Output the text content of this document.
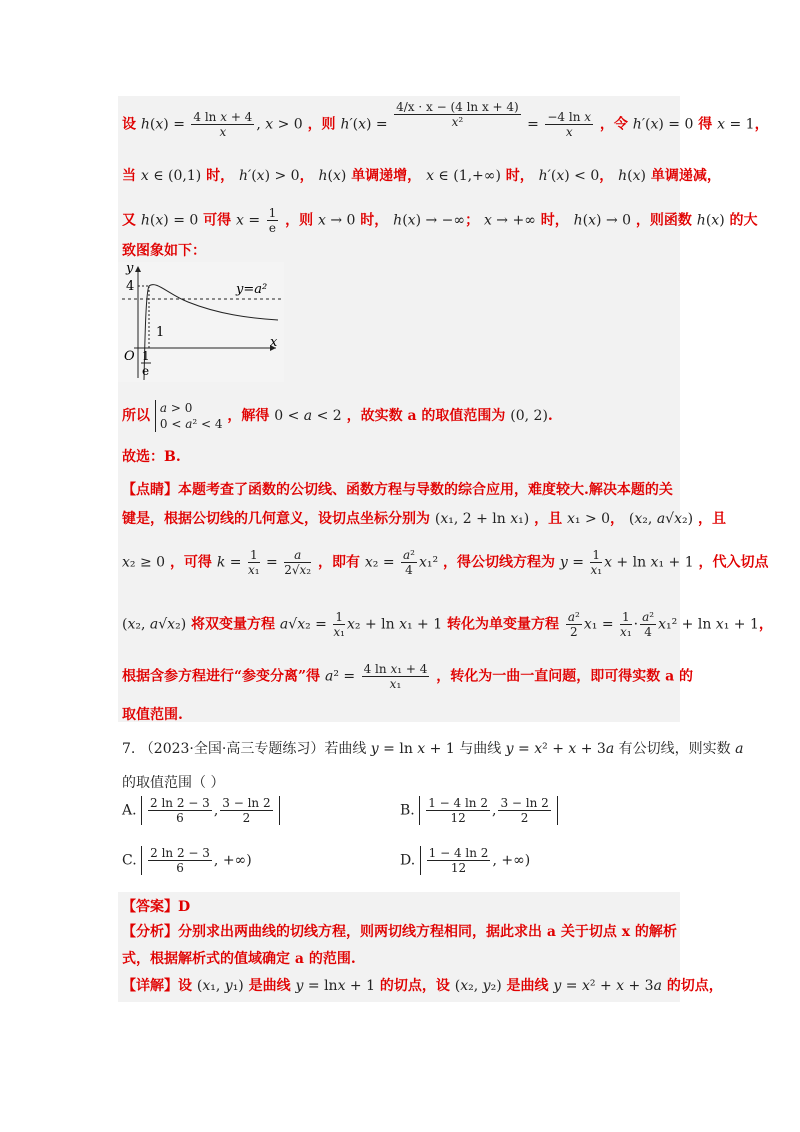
设 $h(x) = \frac{\text{4 ln x + 4}}{x}$ , x > 0 ，则 $h'(x) = \frac{\text{4/x · x − (4 ln x + 4)}}{\text{x²}} = \frac{\text{−4 ln x}}{x}$ ，令 h′(x) = 0 得 x = 1，
当 x ∈ (0,1) 时， h′(x) > 0， h(x) 单调递增， x ∈ (1,+∞) 时， h′(x) < 0， h(x) 单调递减，
又 h(x) = 0 可得 $x = \frac{1}{e}$ ，则 x → 0 时， h(x) → −∞； x → +∞ 时， h(x) → 0 ，则函数 h(x) 的大
致图象如下：
y
x
O
4
1
1
e
y=a²
所以 a > 0
0 < a² < 4 ，解得 0 < a < 2 ，故实数 a 的取值范围为 (0, 2).
故选：B.
【点睛】本题考查了函数的公切线、函数方程与导数的综合应用，难度较大.解决本题的关
键是，根据公切线的几何意义，设切点坐标分别为 (x₁, 2 + ln x₁) ，且 x₁ > 0， (x₂, a√x₂) ，且
x₂ ≥ 0 ，可得 $k = \frac{1}{\text{x₁}} = \frac{a}{\text{2√x₂}}$ ，即有 $x_2 = \frac{\text{a²}}{4} x_1^2$ ，得公切线方程为 $y = \frac{1}{\text{x₁}}$ x + ln x₁ + 1 ，代入切点
(x₂, a√x₂) 将双变量方程 $a√x_2 = \frac{1}{\text{x₁}} x_2 + \ln x_1 + 1$ 转化为单变量方程 $\frac{\text{a²}}{2} x_1 = \frac{1}{\text{x₁}} \cdot \frac{\text{a²}}{4} x_1^2 + \ln x_1 + 1$，
根据含参方程进行“参变分离”得 $a^2 = \frac{\text{4 ln x₁ + 4}}{\text{x₁}}$ ，转化为一曲一直问题，即可得实数 a 的
取值范围.
7. （2023·全国·高三专题练习）若曲线 y = ln x + 1 与曲线 y = x² + x + 3a 有公切线，则实数 a
的取值范围（ ）
A. $\frac{2 \ln 2 - 3}{6}$ , $\frac{3 - \ln 2}{2}$	B. $\frac{1 - 4 \ln 2}{12}$ , $\frac{3 - \ln 2}{2}$
C. $\frac{2 \ln 2 - 3}{6}$ , +∞)	D. $\frac{1 - 4 \ln 2}{12}$ , +∞)
【答案】D
【分析】分别求出两曲线的切线方程，则两切线方程相同，据此求出 a 关于切点 x 的解析
式，根据解析式的值域确定 a 的范围.
【详解】设 (x₁, y₁) 是曲线 y = lnx + 1 的切点，设 (x₂, y₂) 是曲线 y = x² + x + 3a 的切点，
